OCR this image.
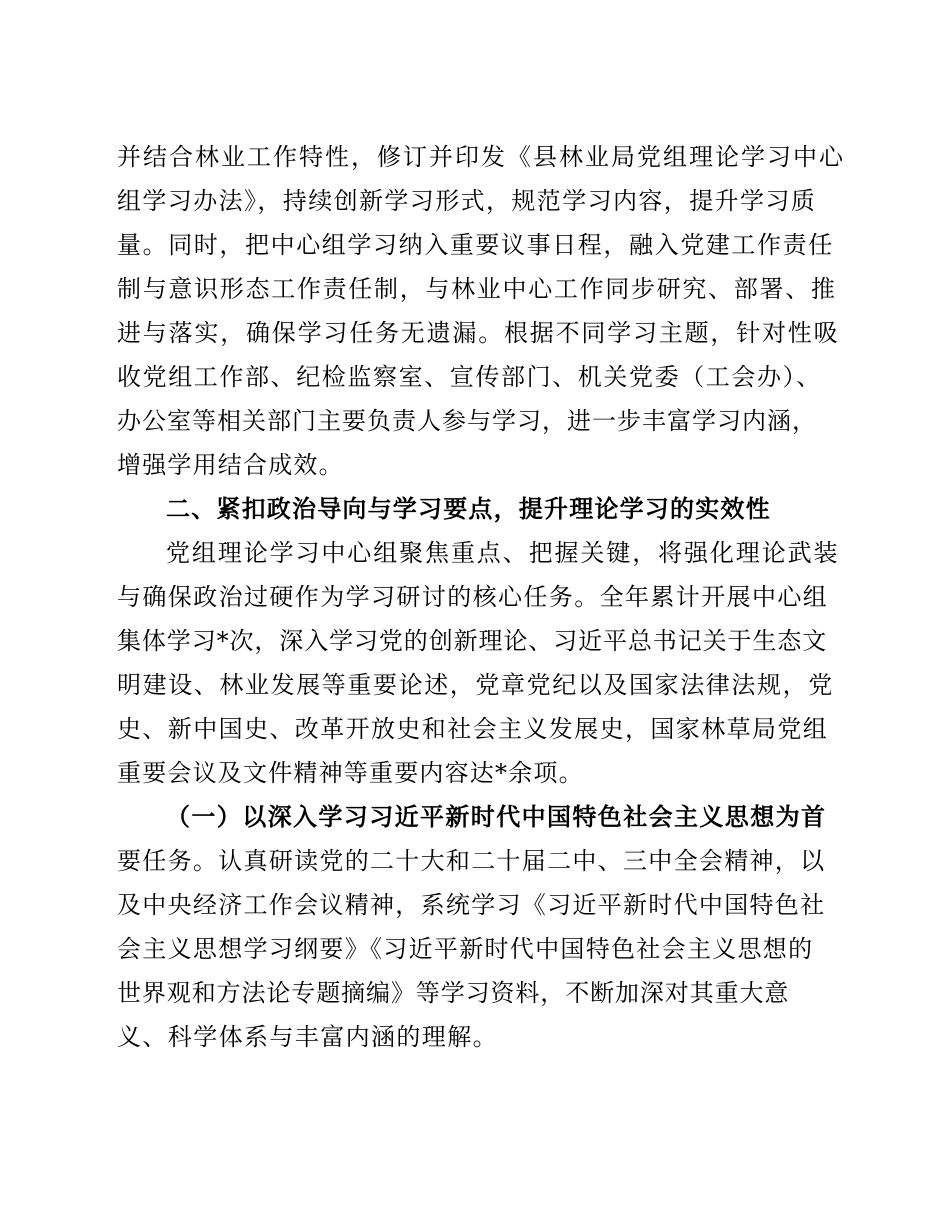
并结合林业工作特性，修订并印发《县林业局党组理论学习中心
组学习办法》，持续创新学习形式，规范学习内容，提升学习质
量。同时，把中心组学习纳入重要议事日程，融入党建工作责任
制与意识形态工作责任制，与林业中心工作同步研究、部署、推
进与落实，确保学习任务无遗漏。根据不同学习主题，针对性吸
收党组工作部、纪检监察室、宣传部门、机关党委（工会办）、
办公室等相关部门主要负责人参与学习，进一步丰富学习内涵，
增强学用结合成效。
二、紧扣政治导向与学习要点，提升理论学习的实效性
党组理论学习中心组聚焦重点、把握关键，将强化理论武装
与确保政治过硬作为学习研讨的核心任务。全年累计开展中心组
集体学习*次，深入学习党的创新理论、习近平总书记关于生态文
明建设、林业发展等重要论述，党章党纪以及国家法律法规，党
史、新中国史、改革开放史和社会主义发展史，国家林草局党组
重要会议及文件精神等重要内容达*余项。
（一）以深入学习习近平新时代中国特色社会主义思想为首
要任务。认真研读党的二十大和二十届二中、三中全会精神，以
及中央经济工作会议精神，系统学习《习近平新时代中国特色社
会主义思想学习纲要》《习近平新时代中国特色社会主义思想的
世界观和方法论专题摘编》等学习资料，不断加深对其重大意
义、科学体系与丰富内涵的理解。
